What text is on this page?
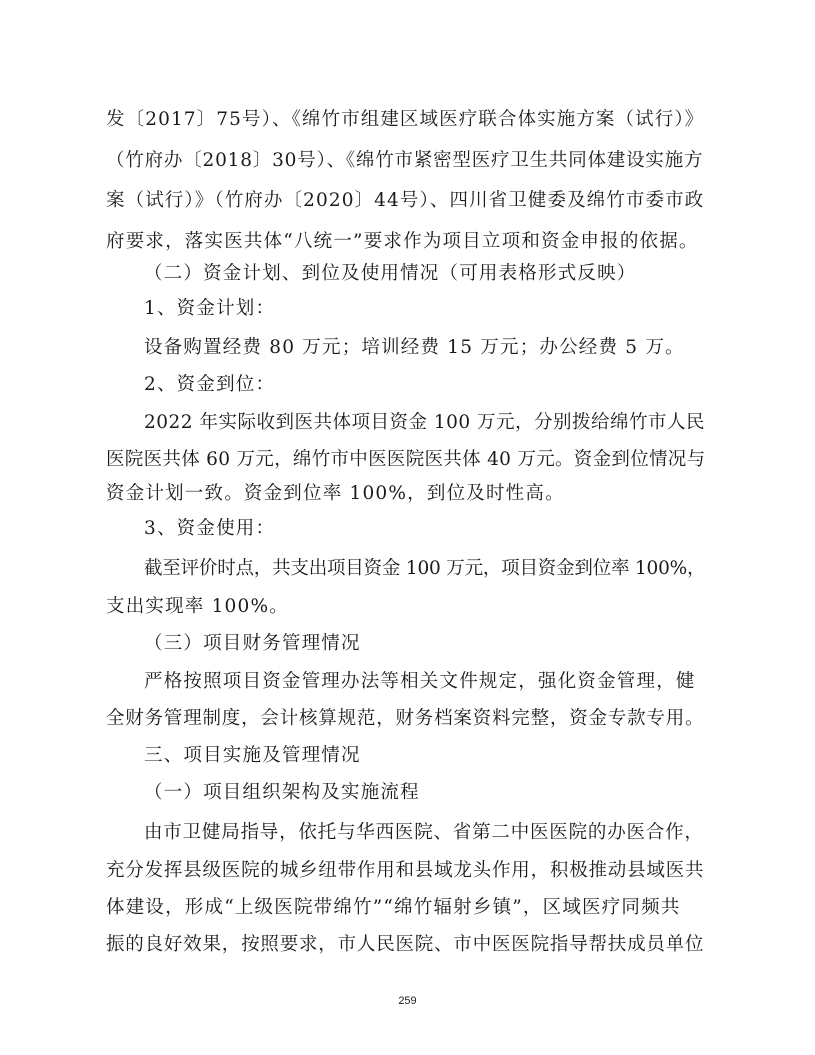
发〔2017〕75号）、《绵竹市组建区域医疗联合体实施方案（试行）》
（竹府办〔2018〕30号）、《绵竹市紧密型医疗卫生共同体建设实施方
案（试行）》（竹府办〔2020〕44号）、四川省卫健委及绵竹市委市政
府要求，落实医共体“八统一”要求作为项目立项和资金申报的依据。
（二）资金计划、到位及使用情况（可用表格形式反映）
1、资金计划：
设备购置经费 80 万元；培训经费 15 万元；办公经费 5 万。
2、资金到位：
2022 年实际收到医共体项目资金 100 万元，分别拨给绵竹市人民
医院医共体 60 万元，绵竹市中医医院医共体 40 万元。资金到位情况与
资金计划一致。资金到位率 100%，到位及时性高。
3、资金使用：
截至评价时点，共支出项目资金 100 万元，项目资金到位率 100%，
支出实现率 100%。
（三）项目财务管理情况
严格按照项目资金管理办法等相关文件规定，强化资金管理，健
全财务管理制度，会计核算规范，财务档案资料完整，资金专款专用。
三、项目实施及管理情况
（一）项目组织架构及实施流程
由市卫健局指导，依托与华西医院、省第二中医医院的办医合作，
充分发挥县级医院的城乡纽带作用和县域龙头作用，积极推动县域医共
体建设，形成“上级医院带绵竹”“绵竹辐射乡镇”，区域医疗同频共
振的良好效果，按照要求，市人民医院、市中医医院指导帮扶成员单位
259
